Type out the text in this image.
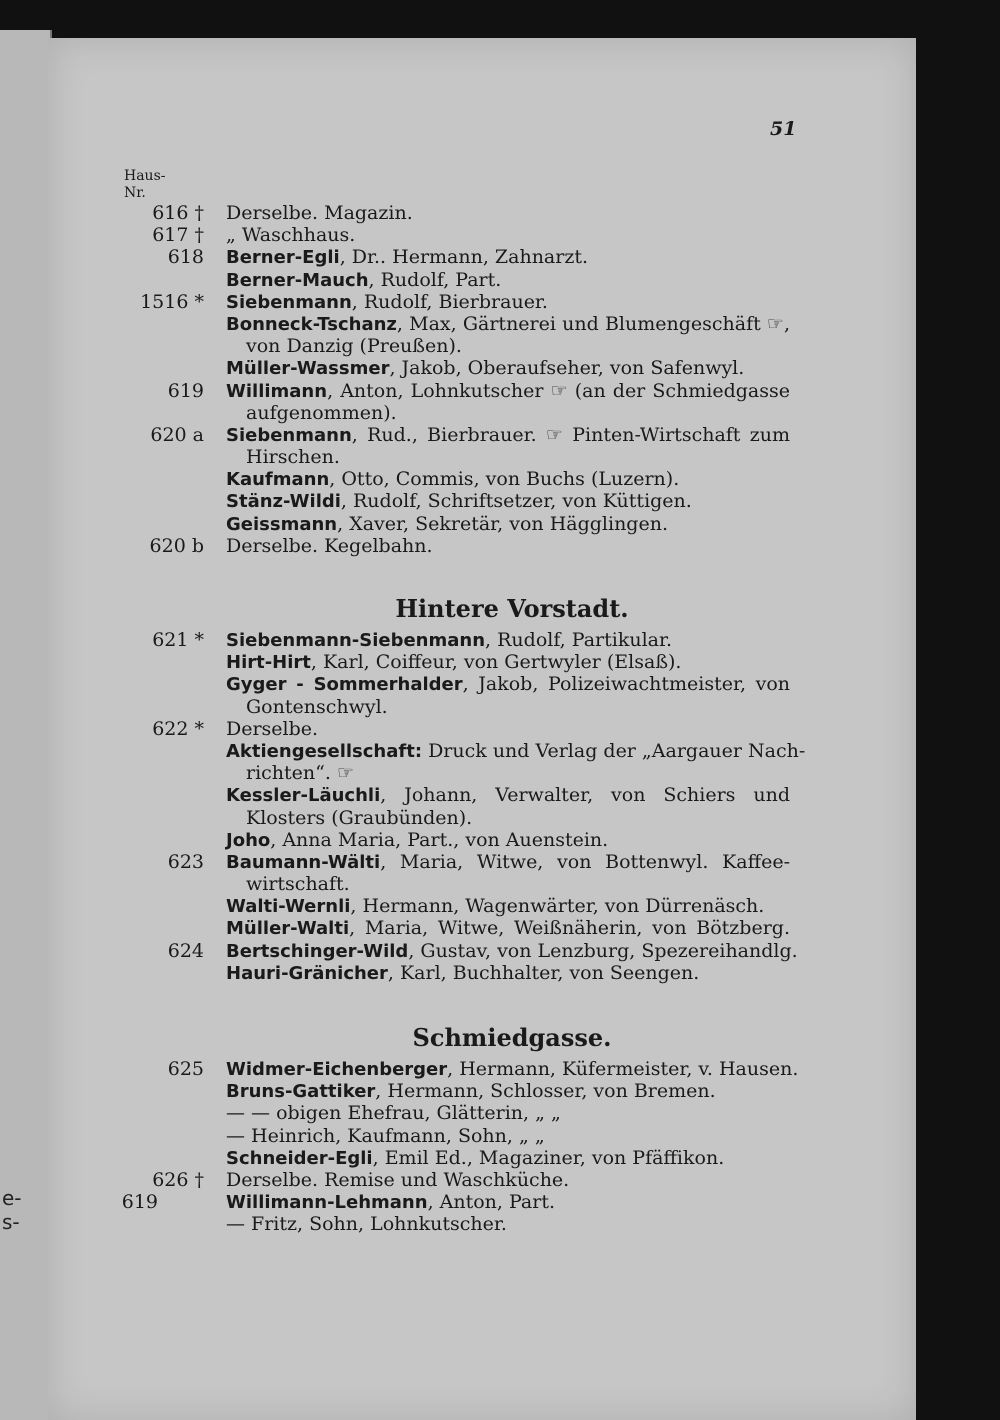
e-
s-
51
Haus-
Nr.
616 † Derselbe. Magazin.
617 † „ Waschhaus.
618 Berner-Egli, Dr.. Hermann, Zahnarzt.
Berner-Mauch, Rudolf, Part.
1516 * Siebenmann, Rudolf, Bierbrauer.
Bonneck-Tschanz, Max, Gärtnerei und Blumengeschäft ☞,
von Danzig (Preußen).
Müller-Wassmer, Jakob, Oberaufseher, von Safenwyl.
619 Willimann, Anton, Lohnkutscher ☞ (an der Schmiedgasse
aufgenommen).
620 a Siebenmann, Rud., Bierbrauer. ☞ Pinten-Wirtschaft zum
Hirschen.
Kaufmann, Otto, Commis, von Buchs (Luzern).
Stänz-Wildi, Rudolf, Schriftsetzer, von Küttigen.
Geissmann, Xaver, Sekretär, von Hägglingen.
620 b Derselbe. Kegelbahn.
Hintere Vorstadt.
621 * Siebenmann-Siebenmann, Rudolf, Partikular.
Hirt-Hirt, Karl, Coiffeur, von Gertwyler (Elsaß).
Gyger - Sommerhalder, Jakob, Polizeiwachtmeister, von
Gontenschwyl.
622 * Derselbe.
Aktiengesellschaft: Druck und Verlag der „Aargauer Nach-
richten“. ☞
Kessler-Läuchli, Johann, Verwalter, von Schiers und
Klosters (Graubünden).
Joho, Anna Maria, Part., von Auenstein.
623 Baumann-Wälti, Maria, Witwe, von Bottenwyl. Kaffee-
wirtschaft.
Walti-Wernli, Hermann, Wagenwärter, von Dürrenäsch.
Müller-Walti, Maria, Witwe, Weißnäherin, von Bötzberg.
624 Bertschinger-Wild, Gustav, von Lenzburg, Spezereihandlg.
Hauri-Gränicher, Karl, Buchhalter, von Seengen.
Schmiedgasse.
625 Widmer-Eichenberger, Hermann, Küfermeister, v. Hausen.
Bruns-Gattiker, Hermann, Schlosser, von Bremen.
— — obigen Ehefrau, Glätterin, „ „
— Heinrich, Kaufmann, Sohn, „ „
Schneider-Egli, Emil Ed., Magaziner, von Pfäffikon.
626 † Derselbe. Remise und Waschküche.
619	Willimann-Lehmann, Anton, Part.
— Fritz, Sohn, Lohnkutscher.
